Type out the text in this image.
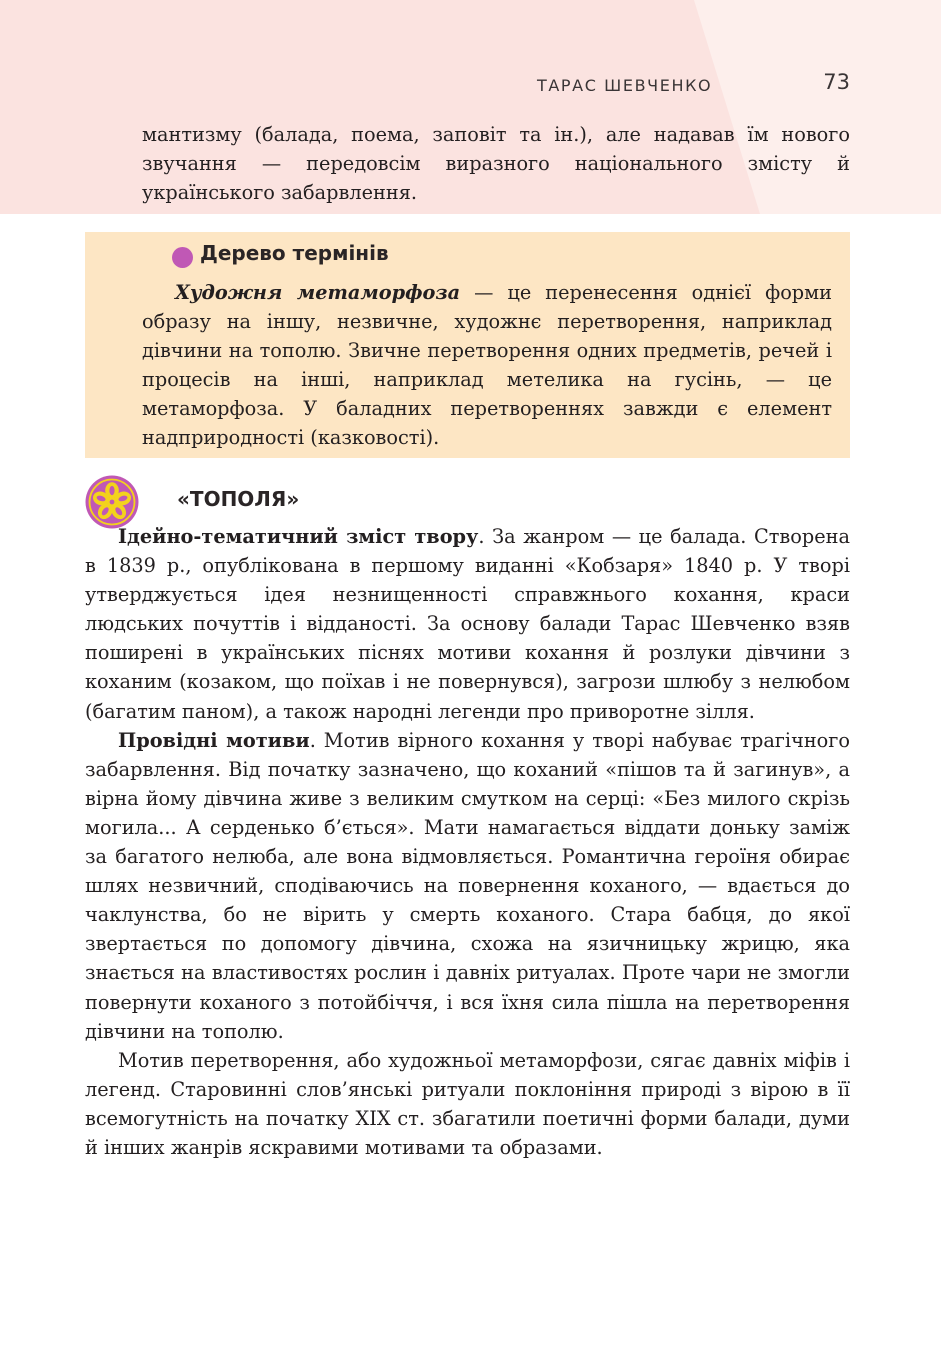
ТАРАС ШЕВЧЕНКО	73

мантизму (балада, поема, заповіт та ін.), але надавав їм нового звучання — передовсім виразного національного змісту й українського забарвлення.

Дерево термінів

Художня метаморфоза — це перенесення однієї форми образу на іншу, незвичне, художнє перетворення, наприклад дівчини на тополю. Звичне перетворення одних предметів, речей і процесів на інші, наприклад метелика на гусінь, — це метаморфоза. У баладних перетвореннях завжди є елемент надприродності (казковості).

«ТОПОЛЯ»

Ідейно-тематичний зміст твору. За жанром — це балада. Створена в 1839 р., опублікована в першому виданні «Кобзаря» 1840 р. У творі утверджується ідея незнищенності справжнього кохання, краси людських почуттів і відданості. За основу балади Тарас Шевченко взяв поширені в українських піснях мотиви кохання й розлуки дівчини з коханим (козаком, що поїхав і не повернувся), загрози шлюбу з нелюбом (багатим паном), а також народні легенди про приворотне зілля.

Провідні мотиви. Мотив вірного кохання у творі набуває трагічного забарвлення. Від початку зазначено, що коханий «пішов та й загинув», а вірна йому дівчина живе з великим смутком на серці: «Без милого скрізь могила... А серденько б’ється». Мати намагається віддати доньку заміж за багатого нелюба, але вона відмовляється. Романтична героїня обирає шлях незвичний, сподіваючись на повернення коханого, — вдається до чаклунства, бо не вірить у смерть коханого. Стара бабця, до якої звертається по допомогу дівчина, схожа на язичницьку жрицю, яка знається на властивостях рослин і давніх ритуалах. Проте чари не змогли повернути коханого з потойбіччя, і вся їхня сила пішла на перетворення дівчини на тополю.

Мотив перетворення, або художньої метаморфози, сягає давніх міфів і легенд. Старовинні слов’янські ритуали поклоніння природі з вірою в її всемогутність на початку XIX ст. збагатили поетичні форми балади, думи й інших жанрів яскравими мотивами та образами.
